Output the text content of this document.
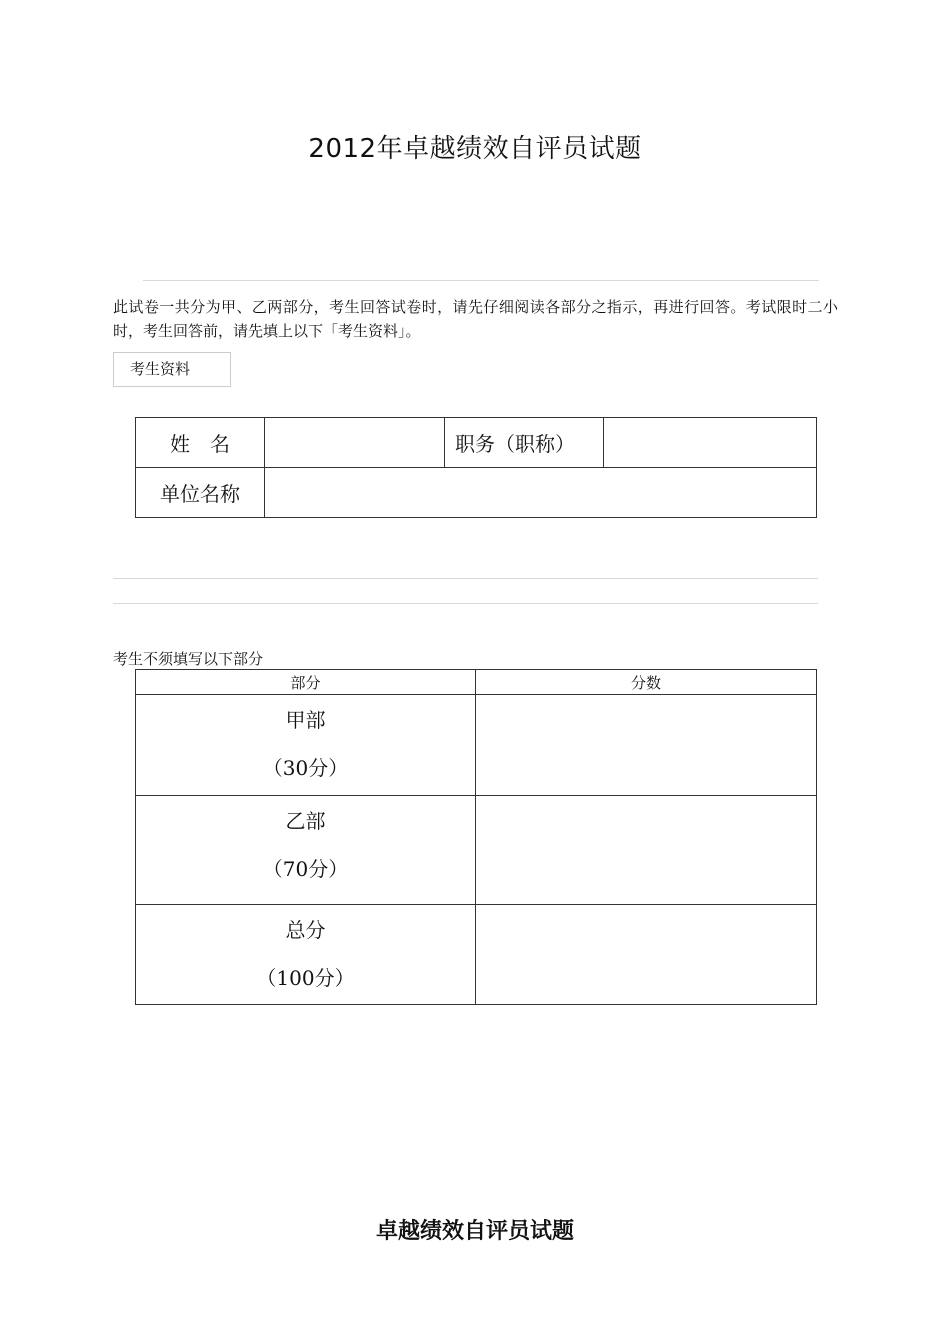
2012年卓越绩效自评员试题
此试卷一共分为甲、乙两部分，考生回答试卷时，请先仔细阅读各部分之指示，再进行回答。考试限时二小时，考生回答前，请先填上以下「考生资料」。
考生资料
姓　名		职务（职称）	
单位名称			
考生不须填写以下部分
部分	分数

甲部
（30分）	

乙部
（70分）	

总分
（100分）	

卓越绩效自评员试题
